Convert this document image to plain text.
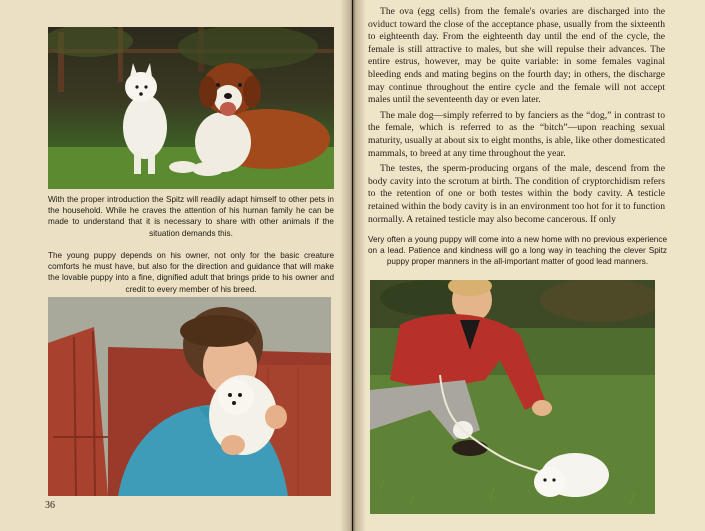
With the proper introduction the Spitz will readily adapt himself to other pets in the household. While he craves the attention of his human family he can be made to understand that it is necessary to share with other animals if the situation demands this.
The young puppy depends on his owner, not only for the basic creature comforts he must have, but also for the direction and guidance that will make the lovable puppy into a fine, dignified adult that brings pride to his owner and credit to every member of his breed.
36

The ova (egg cells) from the female's ovaries are discharged into the oviduct toward the close of the acceptance phase, usually from the sixteenth to eighteenth day. From the eighteenth day until the end of the cycle, the female is still attractive to males, but she will repulse their advances. The entire estrus, however, may be quite variable: in some females vaginal bleeding ends and mating begins on the fourth day; in others, the discharge may continue throughout the entire cycle and the female will not accept males until the seventeenth day or even later.

The male dog—simply referred to by fanciers as the “dog,” in contrast to the female, which is referred to as the “bitch”—upon reaching sexual maturity, usually at about six to eight months, is able, like other domesticated mammals, to breed at any time throughout the year.

The testes, the sperm-producing organs of the male, descend from the body cavity into the scrotum at birth. The condition of cryptorchidism refers to the retention of one or both testes within the body cavity. A testicle retained within the body cavity is in an environment too hot for it to function normally. A retained testicle may also become cancerous. If only

Very often a young puppy will come into a new home with no previous experience on a lead. Patience and kindness will go a long way in teaching the clever Spitz puppy proper manners in the all-important matter of good lead manners.
